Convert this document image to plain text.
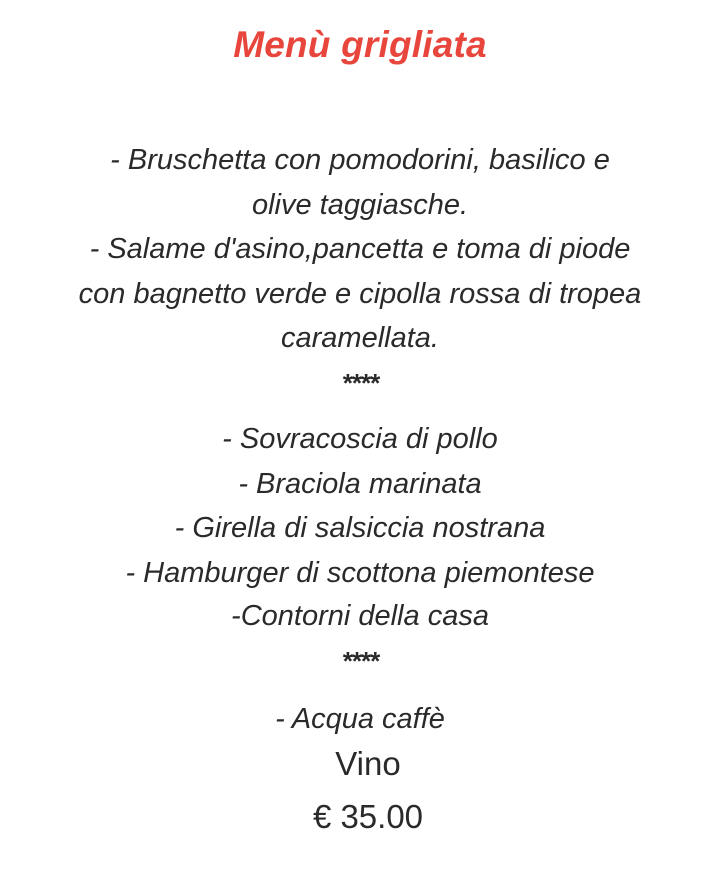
Menù grigliata
- Bruschetta con pomodorini, basilico e
olive taggiasche.
- Salame d'asino,pancetta e toma di piode
con bagnetto verde e cipolla rossa di tropea
caramellata.
****
- Sovracoscia di pollo
- Braciola marinata
- Girella di salsiccia nostrana
- Hamburger di scottona piemontese
-Contorni della casa
****
- Acqua caffè
Vino
€ 35.00
